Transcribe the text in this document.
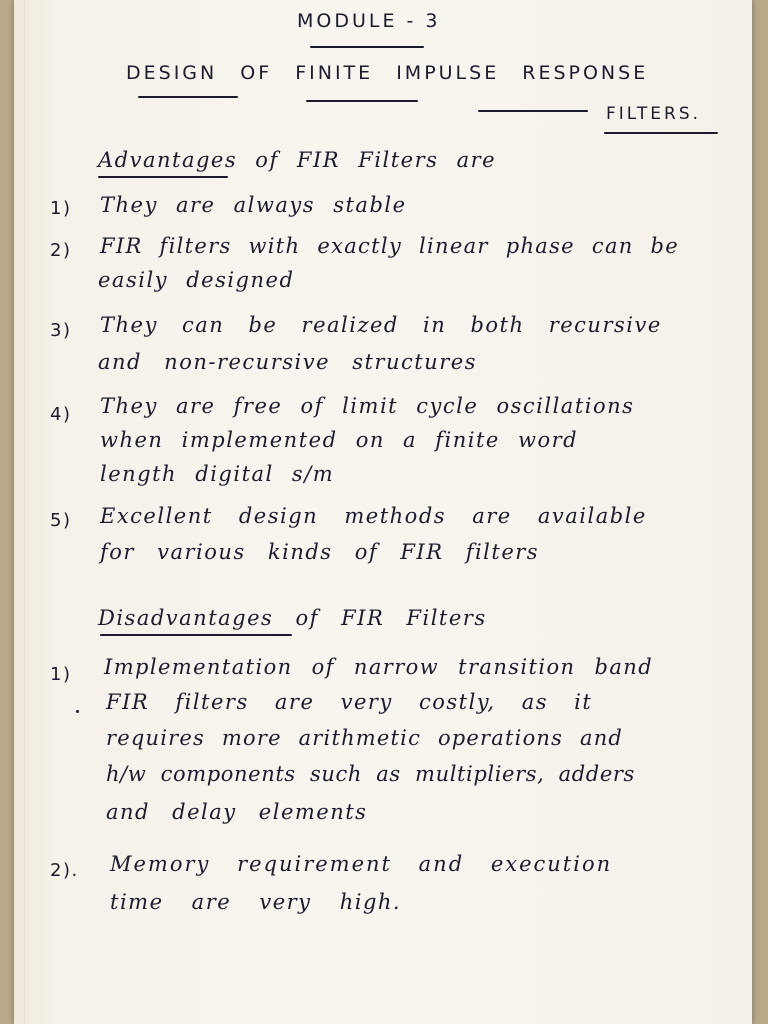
MODULE - 3
DESIGN OF FINITE IMPULSE RESPONSE
FILTERS.
Advantages of FIR Filters are
1) They are always stable
2) FIR filters with exactly linear phase can be
easily designed
3) They can be realized in both recursive
and non-recursive structures
4) They are free of limit cycle oscillations
when implemented on a finite word
length digital s/m
5) Excellent design methods are available
for various kinds of FIR filters
Disadvantages of FIR Filters
1) Implementation of narrow transition band
FIR filters are very costly, as it
requires more arithmetic operations and
h/w components such as multipliers, adders
and delay elements
2). Memory requirement and execution
time are very high.
